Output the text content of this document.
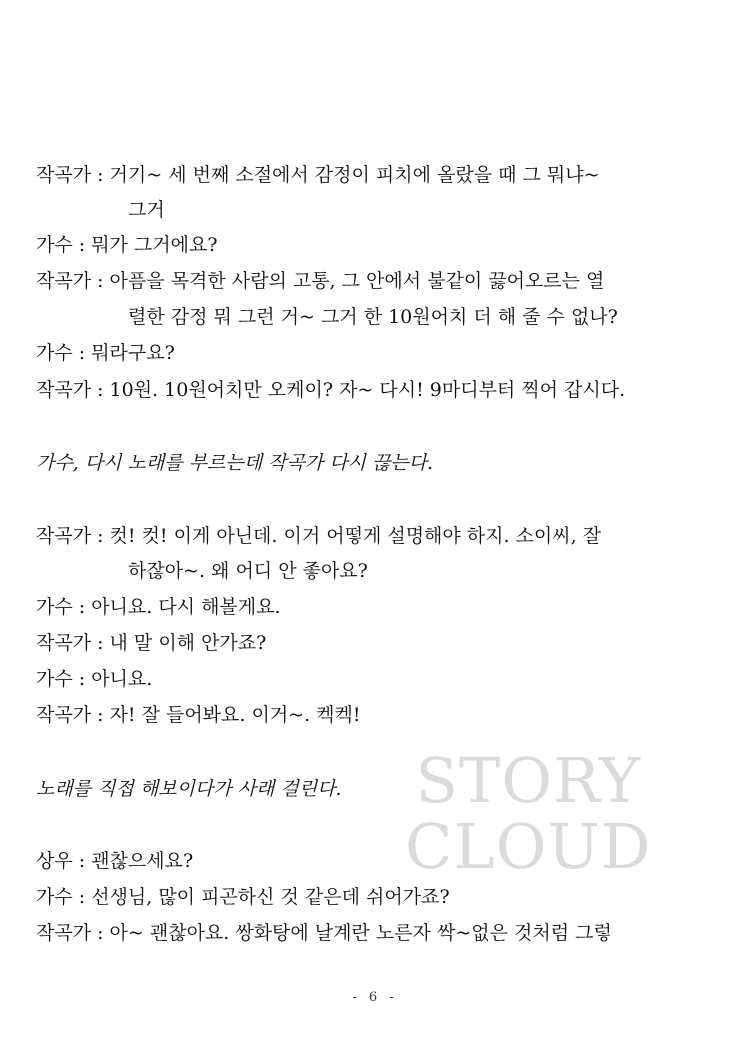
STORY
CLOUD
작곡가 : 거기~ 세 번째 소절에서 감정이 피치에 올랐을 때 그 뭐냐~
그거
가수 : 뭐가 그거에요?
작곡가 : 아픔을 목격한 사람의 고통, 그 안에서 불같이 끓어오르는 열
렬한 감정 뭐 그런 거~ 그거 한 10원어치 더 해 줄 수 없나?
가수 : 뭐라구요?
작곡가 : 10원. 10원어치만 오케이? 자~ 다시! 9마디부터 찍어 갑시다.
가수, 다시 노래를 부르는데 작곡가 다시 끊는다.
작곡가 : 컷! 컷! 이게 아닌데. 이거 어떻게 설명해야 하지. 소이씨, 잘
하잖아~. 왜 어디 안 좋아요?
가수 : 아니요. 다시 해볼게요.
작곡가 : 내 말 이해 안가죠?
가수 : 아니요.
작곡가 : 자! 잘 들어봐요. 이거~. 켁켁!
노래를 직접 해보이다가 사래 걸린다.
상우 : 괜찮으세요?
가수 : 선생님, 많이 피곤하신 것 같은데 쉬어가죠?
작곡가 : 아~ 괜찮아요. 쌍화탕에 날계란 노른자 싹~없은 것처럼 그렇
- 6 -
